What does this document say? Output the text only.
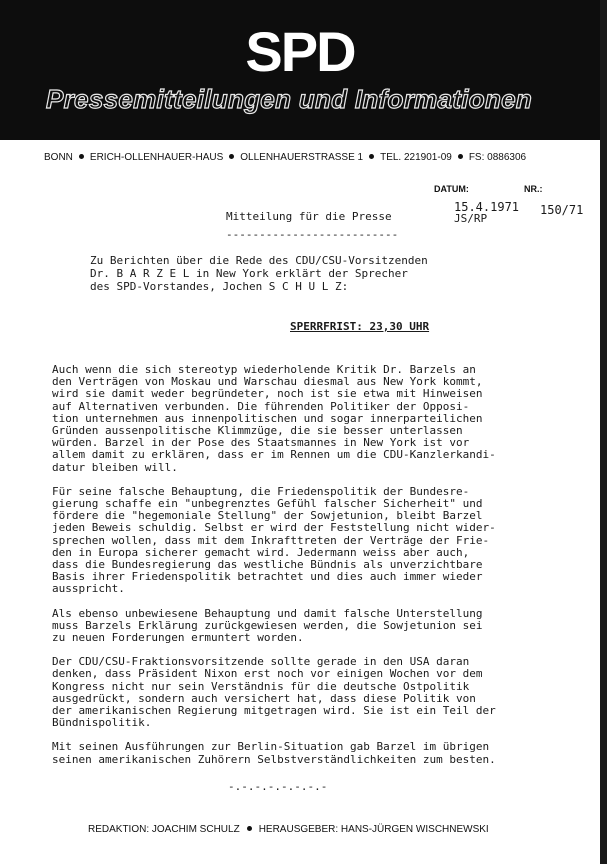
SPD
Pressemitteilungen und Informationen
BONN ERICH-OLLENHAUER-HAUS OLLENHAUERSTRASSE 1 TEL. 221901-09 FS: 0886306
DATUM:	NR.:
15.4.1971
JS/RP
150/71
Mitteilung für die Presse
--------------------------
Zu Berichten über die Rede des CDU/CSU-Vorsitzenden
Dr. B A R Z E L in New York erklärt der Sprecher
des SPD-Vorstandes, Jochen S C H U L Z:
SPERRFRIST: 23,30 UHR

Auch wenn die sich stereotyp wiederholende Kritik Dr. Barzels an
den Verträgen von Moskau und Warschau diesmal aus New York kommt,
wird sie damit weder begründeter, noch ist sie etwa mit Hinweisen
auf Alternativen verbunden. Die führenden Politiker der Opposi-
tion unternehmen aus innenpolitischen und sogar innerparteilichen
Gründen aussenpolitische Klimmzüge, die sie besser unterlassen
würden. Barzel in der Pose des Staatsmannes in New York ist vor
allem damit zu erklären, dass er im Rennen um die CDU-Kanzlerkandi-
datur bleiben will.

Für seine falsche Behauptung, die Friedenspolitik der Bundesre-
gierung schaffe ein "unbegrenztes Gefühl falscher Sicherheit" und
fördere die "hegemoniale Stellung" der Sowjetunion, bleibt Barzel
jeden Beweis schuldig. Selbst er wird der Feststellung nicht wider-
sprechen wollen, dass mit dem Inkrafttreten der Verträge der Frie-
den in Europa sicherer gemacht wird. Jedermann weiss aber auch,
dass die Bundesregierung das westliche Bündnis als unverzichtbare
Basis ihrer Friedenspolitik betrachtet und dies auch immer wieder
ausspricht.

Als ebenso unbewiesene Behauptung und damit falsche Unterstellung
muss Barzels Erklärung zurückgewiesen werden, die Sowjetunion sei
zu neuen Forderungen ermuntert worden.

Der CDU/CSU-Fraktionsvorsitzende sollte gerade in den USA daran
denken, dass Präsident Nixon erst noch vor einigen Wochen vor dem
Kongress nicht nur sein Verständnis für die deutsche Ostpolitik
ausgedrückt, sondern auch versichert hat, dass diese Politik von
der amerikanischen Regierung mitgetragen wird. Sie ist ein Teil der
Bündnispolitik.

Mit seinen Ausführungen zur Berlin-Situation gab Barzel im übrigen
seinen amerikanischen Zuhörern Selbstverständlichkeiten zum besten.

-.-.-.-.-.-.-.-
REDAKTION: JOACHIM SCHULZ HERAUSGEBER: HANS-JÜRGEN WISCHNEWSKI
